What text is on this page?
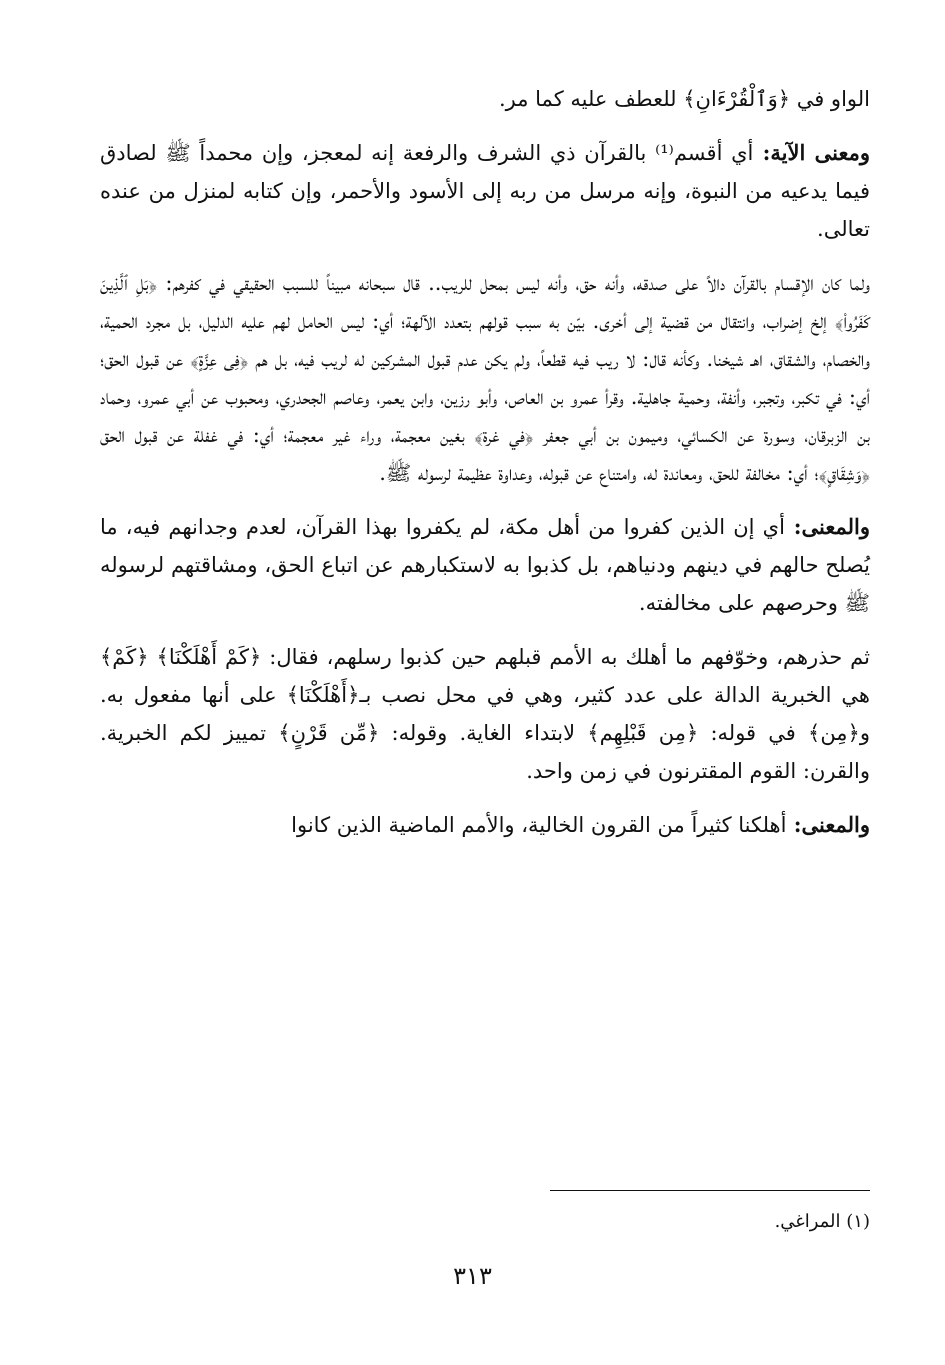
الواو في ﴿وَٱلْقُرْءَانِ﴾ للعطف عليه كما مر.

ومعنى الآية: أي أقسم⁽¹⁾ بالقرآن ذي الشرف والرفعة إنه لمعجز، وإن محمداً ﷺ لصادق فيما يدعيه من النبوة، وإنه مرسل من ربه إلى الأسود والأحمر، وإن كتابه لمنزل من عنده تعالى.

ولما كان الإقسام بالقرآن دالاً على صدقه، وأنه حق، وأنه ليس بمحل للريب.. قال سبحانه مبيناً للسبب الحقيقي في كفرهم: ﴿بَلِ ٱلَّذِينَ كَفَرُوا۟﴾ إلخ إضراب، وانتقال من قضية إلى أخرى. بيّن به سبب قولهم بتعدد الآلهة؛ أي: ليس الحامل لهم عليه الدليل، بل مجرد الحمية، والخصام، والشقاق، اهـ شيخنا. وكأنه قال: لا ريب فيه قطعاً، ولم يكن عدم قبول المشركين له لريب فيه، بل هم ﴿فِى عِزَّةٍ﴾ عن قبول الحق؛ أي: في تكبر، وتجبر، وأنفة، وحمية جاهلية. وقرأ عمرو بن العاص، وأبو رزين، وابن يعمر، وعاصم الجحدري، ومحبوب عن أبي عمرو، وحماد بن الزبرقان، وسورة عن الكسائي، وميمون بن أبي جعفر ﴿في غرة﴾ بغين معجمة، وراء غير معجمة؛ أي: في غفلة عن قبول الحق ﴿وَشِقَاقٍ﴾؛ أي: مخالفة للحق، ومعاندة له، وامتناع عن قبوله، وعداوة عظيمة لرسوله ﷺ.

والمعنى: أي إن الذين كفروا من أهل مكة، لم يكفروا بهذا القرآن، لعدم وجدانهم فيه، ما يُصلح حالهم في دينهم ودنياهم، بل كذبوا به لاستكبارهم عن اتباع الحق، ومشاقتهم لرسوله ﷺ وحرصهم على مخالفته.

ثم حذرهم، وخوّفهم ما أهلك به الأمم قبلهم حين كذبوا رسلهم، فقال: ﴿كَمْ أَهْلَكْنَا﴾ ﴿كَمْ﴾ هي الخبرية الدالة على عدد كثير، وهي في محل نصب بـ﴿أَهْلَكْنَا﴾ على أنها مفعول به. و﴿مِن﴾ في قوله: ﴿مِن قَبْلِهِم﴾ لابتداء الغاية. وقوله: ﴿مِّن قَرْنٍ﴾ تمييز لكم الخبرية. والقرن: القوم المقترنون في زمن واحد.

والمعنى: أهلكنا كثيراً من القرون الخالية، والأمم الماضية الذين كانوا

(١) المراغي.
٣١٣
